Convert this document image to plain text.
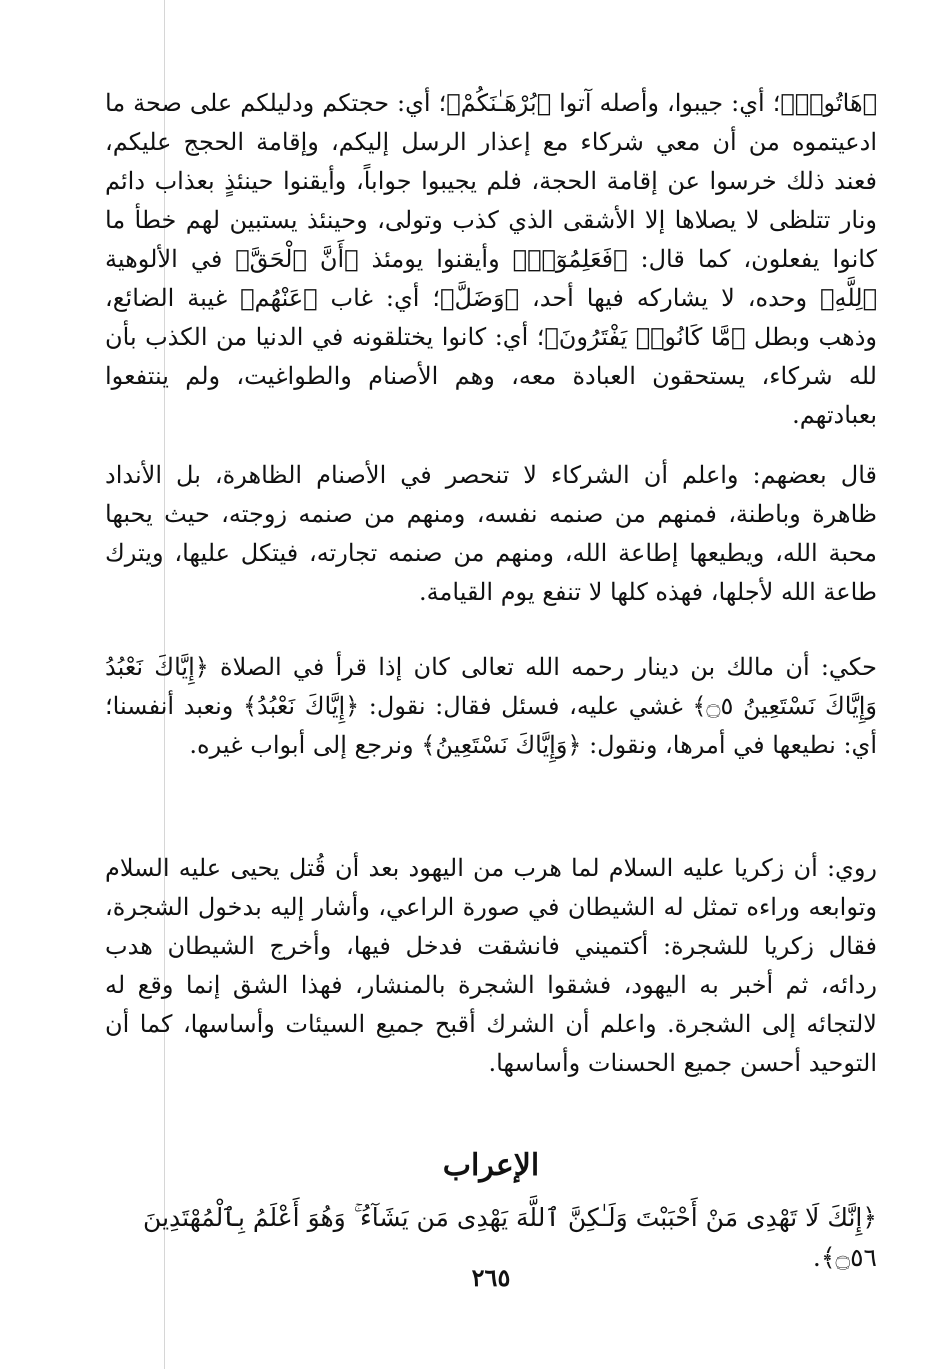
﴿هَاتُوا۟﴾؛ أي: جيبوا، وأصله آتوا ﴿بُرْهَـٰنَكُمْ﴾؛ أي: حجتكم ودليلكم على صحة ما ادعيتموه من أن معي شركاء مع إعذار الرسل إليكم، وإقامة الحجج عليكم، فعند ذلك خرسوا عن إقامة الحجة، فلم يجيبوا جواباً، وأيقنوا حينئذٍ بعذاب دائم ونار تتلظى لا يصلاها إلا الأشقى الذي كذب وتولى، وحينئذ يستبين لهم خطأ ما كانوا يفعلون، كما قال: ﴿فَعَلِمُوٓا۟﴾ وأيقنوا يومئذ ﴿أَنَّ ٱلْحَقَّ﴾ في الألوهية ﴿لِلَّهِ﴾ وحده، لا يشاركه فيها أحد، ﴿وَضَلَّ﴾؛ أي: غاب ﴿عَنْهُم﴾ غيبة الضائع، وذهب وبطل ﴿مَّا كَانُوا۟ يَفْتَرُونَ﴾؛ أي: كانوا يختلقونه في الدنيا من الكذب بأن لله شركاء، يستحقون العبادة معه، وهم الأصنام والطواغيت، ولم ينتفعوا بعبادتهم.
قال بعضهم: واعلم أن الشركاء لا تنحصر في الأصنام الظاهرة، بل الأنداد ظاهرة وباطنة، فمنهم من صنمه نفسه، ومنهم من صنمه زوجته، حيث يحبها محبة الله، ويطيعها إطاعة الله، ومنهم من صنمه تجارته، فيتكل عليها، ويترك طاعة الله لأجلها، فهذه كلها لا تنفع يوم القيامة.
حكي: أن مالك بن دينار رحمه الله تعالى كان إذا قرأ في الصلاة ﴿إِيَّاكَ نَعْبُدُ وَإِيَّاكَ نَسْتَعِينُ ۝٥﴾ غشي عليه، فسئل فقال: نقول: ﴿إِيَّاكَ نَعْبُدُ﴾ ونعبد أنفسنا؛ أي: نطيعها في أمرها، ونقول: ﴿وَإِيَّاكَ نَسْتَعِينُ﴾ ونرجع إلى أبواب غيره.
روي: أن زكريا عليه السلام لما هرب من اليهود بعد أن قُتل يحيى عليه السلام وتوابعه وراءه تمثل له الشيطان في صورة الراعي، وأشار إليه بدخول الشجرة، فقال زكريا للشجرة: أكتميني فانشقت فدخل فيها، وأخرج الشيطان هدب ردائه، ثم أخبر به اليهود، فشقوا الشجرة بالمنشار، فهذا الشق إنما وقع له لالتجائه إلى الشجرة. واعلم أن الشرك أقبح جميع السيئات وأساسها، كما أن التوحيد أحسن جميع الحسنات وأساسها.
الإعراب
﴿إِنَّكَ لَا تَهْدِى مَنْ أَحْبَبْتَ وَلَـٰكِنَّ ٱللَّهَ يَهْدِى مَن يَشَآءُ ۚ وَهُوَ أَعْلَمُ بِٱلْمُهْتَدِينَ ۝٥٦﴾.
٢٦٥
